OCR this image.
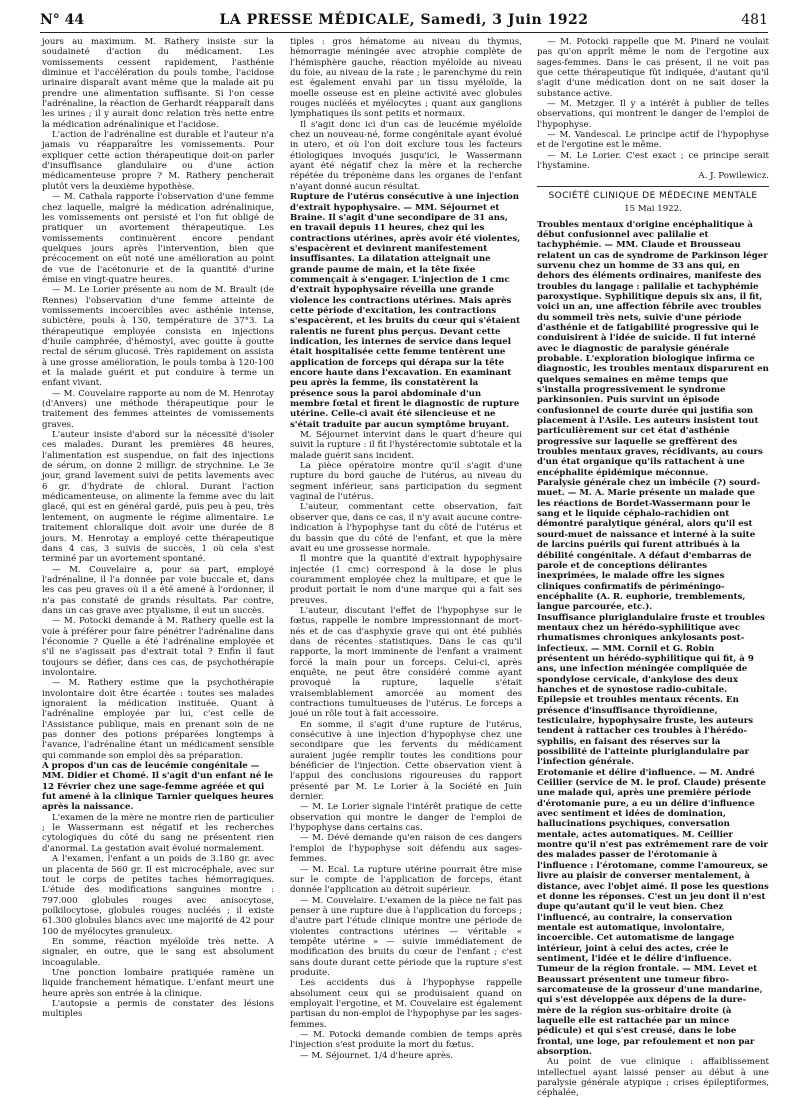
N° 44	LA PRESSE MÉDICALE, Samedi, 3 Juin 1922	481

jours au maximum. M. Rathery insiste sur la soudaineté d'action du médicament. Les vomissements cessent rapidement, l'asthénie diminue et l'accélération du pouls tombe, l'acidose urinaire disparaît avant même que la malade ait pu prendre une alimentation suffisante. Si l'on cesse l'adrénaline, la réaction de Gerhardt réapparaît dans les urines ; il y aurait donc relation très nette entre la médication adrénalinique et l'acidose.

L'action de l'adrénaline est durable et l'auteur n'a jamais vu réapparaître les vomissements. Pour expliquer cette action thérapeutique doit-on parler d'insuffisance glandulaire ou d'une action médicamenteuse propre ? M. Rathery pencherait plutôt vers la deuxième hypothèse.

— M. Cathala rapporte l'observation d'une femme chez laquelle, malgré la médication adrénalinique, les vomissements ont persisté et l'on fut obligé de pratiquer un avortement thérapeutique. Les vomissements continuèrent encore pendant quelques jours après l'intervention, bien que précocement on eût noté une amélioration au point de vue de l'acétonurie et de la quantité d'urine émise en vingt-quatre heures.

— M. Le Lorier présente au nom de M. Brault (de Rennes) l'observation d'une femme atteinte de vomissements incoercibles avec asthénie intense, subictère, pouls à 130, température de 37°3. La thérapeutique employée consista en injections d'huile camphrée, d'hémostyl, avec goutte à goutte rectal de sérum glucosé. Très rapidement on assista à une grosse amélioration, le pouls tomba à 120-100 et la malade guérit et put conduire à terme un enfant vivant.

— M. Couvelaire rapporte au nom de M. Henrotay (d'Anvers) une méthode thérapeutique pour le traitement des femmes atteintes de vomissements graves.

L'auteur insiste d'abord sur la nécessité d'isoler ces malades. Durant les premières 48 heures, l'alimentation est suspendue, on fait des injections de sérum, on donne 2 milligr. de strychnine. Le 3e jour, grand lavement suivi de petits lavements avec 6 gr. d'hydrate de chloral. Durant l'action médicamenteuse, on alimente la femme avec du lait glacé, qui est en général gardé, puis peu à peu, très lentement, on augmente le régime alimentaire. Le traitement chloralique doit avoir une durée de 8 jours. M. Henrotay a employé cette thérapeutique dans 4 cas, 3 suivis de succès, 1 où cela s'est terminé par un avortement spontané.

— M. Couvelaire a, pour sa part, employé l'adrénaline, il l'a donnée par voie buccale et, dans les cas peu graves où il a été amené à l'ordonner, il n'a pas constaté de grands résultats. Par contre, dans un cas grave avec ptyalisme, il eut un succès.

— M. Potocki demande à M. Rathery quelle est la voie à préférer pour faire pénétrer l'adrénaline dans l'économie ? Quelle a été l'adrénaline employée et s'il ne s'agissait pas d'extrait total ? Enfin il faut toujours se défier, dans ces cas, de psychothérapie involontaire.

— M. Rathery estime que la psychothérapie involontaire doit être écartée : toutes ses malades ignoraient la médication instituée. Quant à l'adrénaline employée par lui, c'est celle de l'Assistance publique, mais en prenant soin de ne pas donner des potions préparées longtemps à l'avance, l'adrénaline étant un médicament sensible qui commande son emploi dès sa préparation.

A propos d'un cas de leucémie congénitale — MM. Didier et Chomé. Il s'agit d'un enfant né le 12 Février chez une sage-femme agréée et qui fut amené à la clinique Tarnier quelques heures après la naissance.

L'examen de la mère ne montre rien de particulier ; le Wassermann est négatif et les recherches cytologiques du côté du sang ne présentent rien d'anormal. La gestation avait évolué normalement.

A l'examen, l'enfant a un poids de 3.180 gr. avec un placenta de 560 gr. Il est microcéphale, avec sur tout le corps de petites taches hémorragiques. L'étude des modifications sanguines montre : 797.000 globules rouges avec anisocytose, poïkilocytose, globules rouges nucléés ; il existe 61.300 globules blancs avec une majorité de 42 pour 100 de myélocytes granuleux.

En somme, réaction myéloïde très nette. A signaler, en outre, que le sang est absolument incoagulable.

Une ponction lombaire pratiquée ramène un liquide franchement hématique. L'enfant meurt une heure après son entrée à la clinique.

L'autopsie a permis de constater des lésions multiples

tiples : gros hématome au niveau du thymus, hémorragie méningée avec atrophie complète de l'hémisphère gauche, réaction myéloïde au niveau du foie, au niveau de la rate ; le parenchyme du rein est également envahi par un tissu myéloïde, la moelle osseuse est en pleine activité avec globules rouges nucléés et myélocytes ; quant aux ganglions lymphatiques ils sont petits et normaux.

Il s'agit donc ici d'un cas de leucémie myéloïde chez un nouveau-né, forme congénitale ayant évolué in utero, et où l'on doit exclure tous les facteurs étiologiques invoqués jusqu'ici, le Wassermann ayant été négatif chez la mère et la recherche répétée du tréponème dans les organes de l'enfant n'ayant donné aucun résultat.

Rupture de l'utérus consécutive à une injection d'extrait hypophysaire. — MM. Séjournet et Braine. Il s'agit d'une secondipare de 31 ans, en travail depuis 11 heures, chez qui les contractions utérines, après avoir été violentes, s'espacèrent et devinrent manifestement insuffisantes. La dilatation atteignait une grande paume de main, et la tête fixée commençait à s'engager. L'injection de 1 cmc d'extrait hypophysaire réveilla une grande violence les contractions utérines. Mais après cette période d'excitation, les contractions s'espacèrent, et les bruits du cœur qui s'étaient ralentis ne furent plus perçus. Devant cette indication, les internes de service dans lequel était hospitalisée cette femme tentèrent une application de forceps qui dérapa sur la tête encore haute dans l'excavation. En examinant peu après la femme, ils constatèrent la présence sous la paroi abdominale d'un membre fœtal et firent le diagnostic de rupture utérine. Celle-ci avait été silencieuse et ne s'était traduite par aucun symptôme bruyant.

M. Séjournet intervint dans le quart d'heure qui suivit la rupture : il fit l'hystérectomie subtotale et la malade guérit sans incident.

La pièce opératoire montre qu'il s'agit d'une rupture du bord gauche de l'utérus, au niveau du segment inférieur, sans participation du segment vaginal de l'utérus.

L'auteur, commentant cette observation, fait observer que, dans ce cas, il n'y avait aucune contre-indication à l'hypophyse tant du côté de l'utérus et du bassin que du côté de l'enfant, et que la mère avait eu une grossesse normale.

Il montre que la quantité d'extrait hypophysaire injectée (1 cmc) correspond à la dose le plus couramment employée chez la multipare, et que le produit portait le nom d'une marque qui a fait ses preuves.

L'auteur, discutant l'effet de l'hypophyse sur le fœtus, rappelle le nombre impressionnant de mort-nés et de cas d'asphyxie grave qui ont été publiés dans de récentes statistiques. Dans le cas qu'il rapporte, la mort imminente de l'enfant a vraiment forcé la main pour un forceps. Celui-ci, après enquête, ne peut être considéré comme ayant provoqué la rupture, laquelle s'était vraisemblablement amorcée au moment des contractions tumultueuses de l'utérus. Le forceps a joué un rôle tout à fait accessoire.

En somme, il s'agit d'une rupture de l'utérus, consécutive à une injection d'hypophyse chez une secondipare que les fervents du médicament auraient jugée remplir toutes les conditions pour bénéficier de l'injection. Cette observation vient à l'appui des conclusions rigoureuses du rapport présenté par M. Le Lorier à la Société en Juin dernier.

— M. Le Lorier signale l'intérêt pratique de cette observation qui montre le danger de l'emploi de l'hypophyse dans certains cas.

— M. Dévé demande qu'en raison de ces dangers l'emploi de l'hypophyse soit défendu aux sages-femmes.

— M. Ecal. La rupture utérine pourrait être mise sur le compte de l'application de forceps, étant donnée l'application au détroit supérieur.

— M. Couvelaire. L'examen de la pièce ne fait pas penser à une rupture due à l'application du forceps ; d'autre part l'étude clinique montre une période de violentes contractions utérines — véritable « tempête utérine » — suivie immédiatement de modification des bruits du cœur de l'enfant ; c'est sans doute durant cette période que la rupture s'est produite.

Les accidents dus à l'hypophyse rappelle absolument ceux qui se produisaient quand on employait l'ergotine, et M. Couvelaire est également partisan du non-emploi de l'hypophyse par les sages-femmes.

— M. Potocki demande combien de temps après l'injection s'est produite la mort du fœtus.

— M. Séjournet. 1/4 d'heure après.

— M. Potocki rappelle que M. Pinard ne voulait pas qu'on apprît même le nom de l'ergotine aux sages-femmes. Dans le cas présent, il ne voit pas que cette thérapeutique fût indiquée, d'autant qu'il s'agit d'une médication dont on ne sait doser la substance active.

— M. Metzger. Il y a intérêt à publier de telles observations, qui montrent le danger de l'emploi de l'hypophyse.

— M. Vandescal. Le principe actif de l'hypophyse et de l'ergotine est le même.

— M. Le Lorier. C'est exact ; ce principe serait l'hystamine.

A. J. Powilewicz.

SOCIÉTÉ CLINIQUE DE MÉDECINE MENTALE

15 Mai 1922.

Troubles mentaux d'origine encéphalitique à début confusionnel avec palilalie et tachyphémie. — MM. Claude et Brousseau relatent un cas de syndrome de Parkinson léger survenu chez un homme de 33 ans qui, en dehors des éléments ordinaires, manifeste des troubles du langage : palilalie et tachyphémie paroxystique. Syphilitique depuis six ans, il fit, voici un an, une affection fébrile avec troubles du sommeil très nets, suivie d'une période d'asthénie et de fatigabilité progressive qui le conduisirent à l'idée de suicide. Il fut interné avec le diagnostic de paralysie générale probable. L'exploration biologique infirma ce diagnostic, les troubles mentaux disparurent en quelques semaines en même temps que s'installa progressivement le syndrome parkinsonien. Puis survint un épisode confusionnel de courte durée qui justifia son placement à l'Asile. Les auteurs insistent tout particulièrement sur cet état d'asthénie progressive sur laquelle se greffèrent des troubles mentaux graves, récidivants, au cours d'un état organique qu'ils rattachent à une encéphalite épidémique méconnue.

Paralysie générale chez un imbécile (?) sourd-muet. — M. A. Marie présente un malade que les réactions de Bordet-Wassermann pour le sang et le liquide céphalo-rachidien ont démontré paralytique général, alors qu'il est sourd-muet de naissance et interné à la suite de larcins puérils qui furent attribués à la débilité congénitale. A défaut d'embarras de parole et de conceptions délirantes inexprimées, le malade offre les signes cliniques confirmatifs de périméningo-encéphalite (A. R. euphorie, tremblements, langue parcourée, etc.).

Insuffisance pluriglandulaire fruste et troubles mentaux chez un hérédo-syphilitique avec rhumatismes chroniques ankylosants post-infectieux. — MM. Cornil et G. Robin présentent un hérédo-syphilitique qui fit, à 9 ans, une infection méningée compliquée de spondylose cervicale, d'ankylose des deux hanches et de synostose radio-cubitale. Epilepsie et troubles mentaux récents. En présence d'insuffisance thyroïdienne, testiculaire, hypophysaire fruste, les auteurs tendent à rattacher ces troubles à l'hérédo-syphilis, en faisant des réserves sur la possibilité de l'atteinte pluriglandulaire par l'infection générale.

Erotomanie et délire d'influence. — M. André Ceillier (service de M. le prof. Claude) présente une malade qui, après une première période d'érotomanie pure, a eu un délire d'influence avec sentiment et idées de domination, hallucinations psychiques, conversation mentale, actes automatiques. M. Ceillier montre qu'il n'est pas extrêmement rare de voir des malades passer de l'érotomanie à l'influence : l'érotomane, comme l'amoureux, se livre au plaisir de converser mentalement, à distance, avec l'objet aimé. Il pose les questions et donne les réponses. C'est un jeu dont il n'est dupe qu'autant qu'il le veut bien. Chez l'influencé, au contraire, la conservation mentale est automatique, involontaire, incoercible. Cet automatisme de langage intérieur, joint à celui des actes, crée le sentiment, l'idée et le délire d'influence.

Tumeur de la région frontale. — MM. Levet et Beaussart présentent une tumeur fibro-sarcomateuse de la grosseur d'une mandarine, qui s'est développée aux dépens de la dure-mère de la région sus-orbitaire droite (à laquelle elle est rattachée par un mince pédicule) et qui s'est creusé, dans le lobe frontal, une loge, par refoulement et non par absorption.

Au point de vue clinique : affaiblissement intellectuel ayant laissé penser au début à une paralysie générale atypique ; crises épileptiformes, céphalée,
